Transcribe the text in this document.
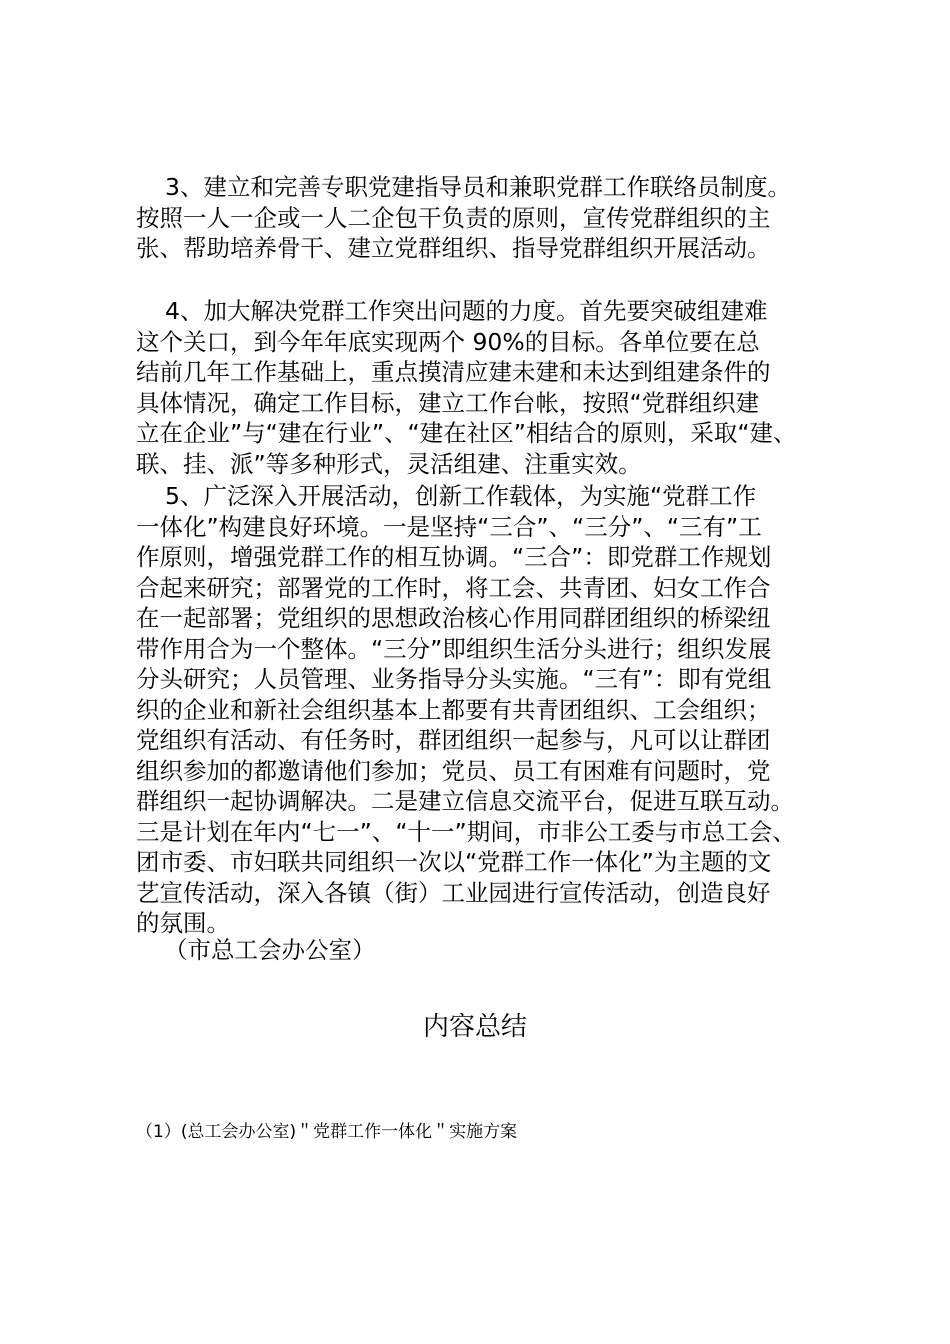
3、建立和完善专职党建指导员和兼职党群工作联络员制度。
按照一人一企或一人二企包干负责的原则，宣传党群组织的主
张、帮助培养骨干、建立党群组织、指导党群组织开展活动。
4、加大解决党群工作突出问题的力度。首先要突破组建难
这个关口，到今年年底实现两个 90%的目标。各单位要在总
结前几年工作基础上，重点摸清应建未建和未达到组建条件的
具体情况，确定工作目标，建立工作台帐，按照“党群组织建
立在企业”与“建在行业”、“建在社区”相结合的原则，采取“建、
联、挂、派”等多种形式，灵活组建、注重实效。
5、广泛深入开展活动，创新工作载体，为实施“党群工作
一体化”构建良好环境。一是坚持“三合”、“三分”、“三有”工
作原则，增强党群工作的相互协调。“三合”：即党群工作规划
合起来研究；部署党的工作时，将工会、共青团、妇女工作合
在一起部署；党组织的思想政治核心作用同群团组织的桥梁纽
带作用合为一个整体。“三分”即组织生活分头进行；组织发展
分头研究；人员管理、业务指导分头实施。“三有”：即有党组
织的企业和新社会组织基本上都要有共青团组织、工会组织；
党组织有活动、有任务时，群团组织一起参与，凡可以让群团
组织参加的都邀请他们参加；党员、员工有困难有问题时，党
群组织一起协调解决。二是建立信息交流平台，促进互联互动。
三是计划在年内“七一”、“十一”期间，市非公工委与市总工会、
团市委、市妇联共同组织一次以“党群工作一体化”为主题的文
艺宣传活动，深入各镇（街）工业园进行宣传活动，创造良好
的氛围。
（市总工会办公室）
内容总结
（1）(总工会办公室)＂党群工作一体化＂实施方案
